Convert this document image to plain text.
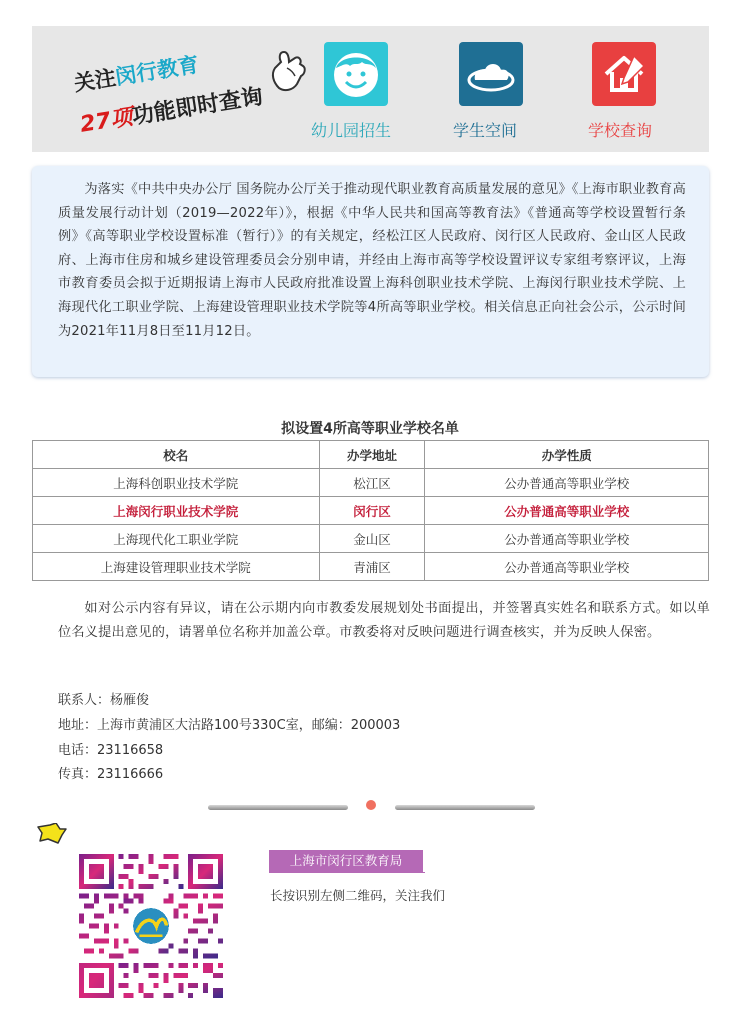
关注闵行教育
27项功能即时查询
幼儿园招生	学生空间	学校查询

为落实《中共中央办公厅 国务院办公厅关于推动现代职业教育高质量发展的意见》《上海市职业教育高质量发展行动计划（2019—2022年）》，根据《中华人民共和国高等教育法》《普通高等学校设置暂行条例》《高等职业学校设置标准（暂行）》的有关规定，经松江区人民政府、闵行区人民政府、金山区人民政府、上海市住房和城乡建设管理委员会分别申请，并经由上海市高等学校设置评议专家组考察评议，上海市教育委员会拟于近期报请上海市人民政府批准设置上海科创职业技术学院、上海闵行职业技术学院、上海现代化工职业学院、上海建设管理职业技术学院等4所高等职业学校。相关信息正向社会公示，公示时间为2021年11月8日至11月12日。

拟设置4所高等职业学校名单
校名	办学地址	办学性质
上海科创职业技术学院	松江区	公办普通高等职业学校
上海闵行职业技术学院	闵行区	公办普通高等职业学校
上海现代化工职业学院	金山区	公办普通高等职业学校
上海建设管理职业技术学院	青浦区	公办普通高等职业学校

如对公示内容有异议，请在公示期内向市教委发展规划处书面提出，并签署真实姓名和联系方式。如以单位名义提出意见的，请署单位名称并加盖公章。市教委将对反映问题进行调查核实，并为反映人保密。

联系人：杨雁俊
地址：上海市黄浦区大沽路100号330C室，邮编：200003
电话：23116658
传真：23116666
上海市闵行区教育局
长按识别左侧二维码，关注我们
